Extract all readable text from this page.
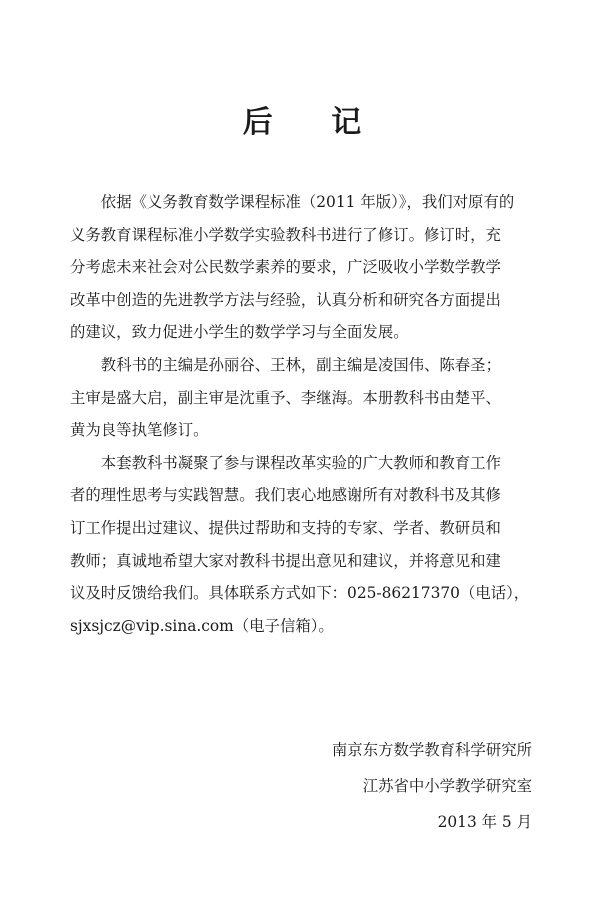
后 记

依据《义务教育数学课程标准（2011 年版）》，我们对原有的
义务教育课程标准小学数学实验教科书进行了修订。修订时，充
分考虑未来社会对公民数学素养的要求，广泛吸收小学数学教学
改革中创造的先进教学方法与经验，认真分析和研究各方面提出
的建议，致力促进小学生的数学学习与全面发展。

教科书的主编是孙丽谷、王林，副主编是凌国伟、陈春圣；
主审是盛大启，副主审是沈重予、李继海。本册教科书由楚平、
黄为良等执笔修订。

本套教科书凝聚了参与课程改革实验的广大教师和教育工作
者的理性思考与实践智慧。我们衷心地感谢所有对教科书及其修
订工作提出过建议、提供过帮助和支持的专家、学者、教研员和
教师；真诚地希望大家对教科书提出意见和建议，并将意见和建
议及时反馈给我们。具体联系方式如下：025-86217370（电话），
sjxsjcz@vip.sina.com（电子信箱）。

南京东方数学教育科学研究所
江苏省中小学教学研究室
2013 年 5 月
